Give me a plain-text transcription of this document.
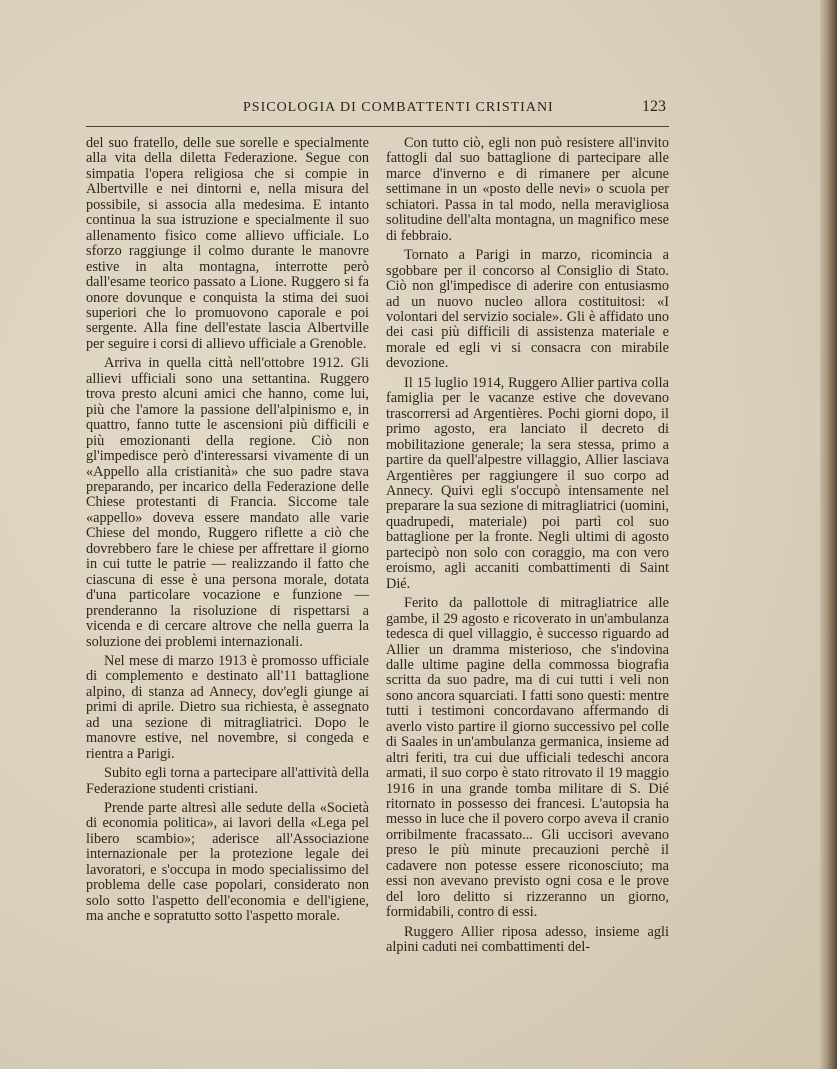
PSICOLOGIA DI COMBATTENTI CRISTIANI	123

del suo fratello, delle sue sorelle e specialmente alla vita della diletta Federazione. Segue con simpatia l'opera religiosa che si compie in Albertville e nei dintorni e, nella misura del possibile, si associa alla medesima. E intanto continua la sua istruzione e specialmente il suo allenamento fisico come allievo ufficiale. Lo sforzo raggiunge il colmo durante le manovre estive in alta montagna, interrotte però dall'esame teorico passato a Lione. Ruggero si fa onore dovunque e conquista la stima dei suoi superiori che lo promuovono caporale e poi sergente. Alla fine dell'estate lascia Albertville per seguire i corsi di allievo ufficiale a Grenoble.

Arriva in quella città nell'ottobre 1912. Gli allievi ufficiali sono una settantina. Ruggero trova presto alcuni amici che hanno, come lui, più che l'amore la passione dell'alpinismo e, in quattro, fanno tutte le ascensioni più difficili e più emozionanti della regione. Ciò non gl'impedisce però d'interessarsi vivamente di un «Appello alla cristianità» che suo padre stava preparando, per incarico della Federazione delle Chiese protestanti di Francia. Siccome tale «appello» doveva essere mandato alle varie Chiese del mondo, Ruggero riflette a ciò che dovrebbero fare le chiese per affrettare il giorno in cui tutte le patrie — realizzando il fatto che ciascuna di esse è una persona morale, dotata d'una particolare vocazione e funzione — prenderanno la risoluzione di rispettarsi a vicenda e di cercare altrove che nella guerra la soluzione dei problemi internazionali.

Nel mese di marzo 1913 è promosso ufficiale di complemento e destinato all'11 battaglione alpino, di stanza ad Annecy, dov'egli giunge ai primi di aprile. Dietro sua richiesta, è assegnato ad una sezione di mitragliatrici. Dopo le manovre estive, nel novembre, si congeda e rientra a Parigi.

Subito egli torna a partecipare all'attività della Federazione studenti cristiani.

Prende parte altresì alle sedute della «Società di economia politica», ai lavori della «Lega pel libero scambio»; aderisce all'Associazione internazionale per la protezione legale dei lavoratori, e s'occupa in modo specialissimo del problema delle case popolari, considerato non solo sotto l'aspetto dell'economia e dell'igiene, ma anche e sopratutto sotto l'aspetto morale.

Con tutto ciò, egli non può resistere all'invito fattogli dal suo battaglione di partecipare alle marce d'inverno e di rimanere per alcune settimane in un «posto delle nevi» o scuola per schiatori. Passa in tal modo, nella meravigliosa solitudine dell'alta montagna, un magnifico mese di febbraio.

Tornato a Parigi in marzo, ricomincia a sgobbare per il concorso al Consiglio di Stato. Ciò non gl'impedisce di aderire con entusiasmo ad un nuovo nucleo allora costituitosi: «I volontari del servizio sociale». Gli è affidato uno dei casi più difficili di assistenza materiale e morale ed egli vi si consacra con mirabile devozione.

Il 15 luglio 1914, Ruggero Allier partiva colla famiglia per le vacanze estive che dovevano trascorrersi ad Argentières. Pochi giorni dopo, il primo agosto, era lanciato il decreto di mobilitazione generale; la sera stessa, primo a partire da quell'alpestre villaggio, Allier lasciava Argentières per raggiungere il suo corpo ad Annecy. Quivi egli s'occupò intensamente nel preparare la sua sezione di mitragliatrici (uomini, quadrupedi, materiale) poi partì col suo battaglione per la fronte. Negli ultimi di agosto partecipò non solo con coraggio, ma con vero eroismo, agli accaniti combattimenti di Saint Dié.

Ferito da pallottole di mitragliatrice alle gambe, il 29 agosto e ricoverato in un'ambulanza tedesca di quel villaggio, è successo riguardo ad Allier un dramma misterioso, che s'indovina dalle ultime pagine della commossa biografia scritta da suo padre, ma di cui tutti i veli non sono ancora squarciati. I fatti sono questi: mentre tutti i testimoni concordavano affermando di averlo visto partire il giorno successivo pel colle di Saales in un'ambulanza germanica, insieme ad altri feriti, tra cui due ufficiali tedeschi ancora armati, il suo corpo è stato ritrovato il 19 maggio 1916 in una grande tomba militare di S. Dié ritornato in possesso dei francesi. L'autopsia ha messo in luce che il povero corpo aveva il cranio orribilmente fracassato... Gli uccisori avevano preso le più minute precauzioni perchè il cadavere non potesse essere riconosciuto; ma essi non avevano previsto ogni cosa e le prove del loro delitto si rizzeranno un giorno, formidabili, contro di essi.

Ruggero Allier riposa adesso, insieme agli alpini caduti nei combattimenti del-
